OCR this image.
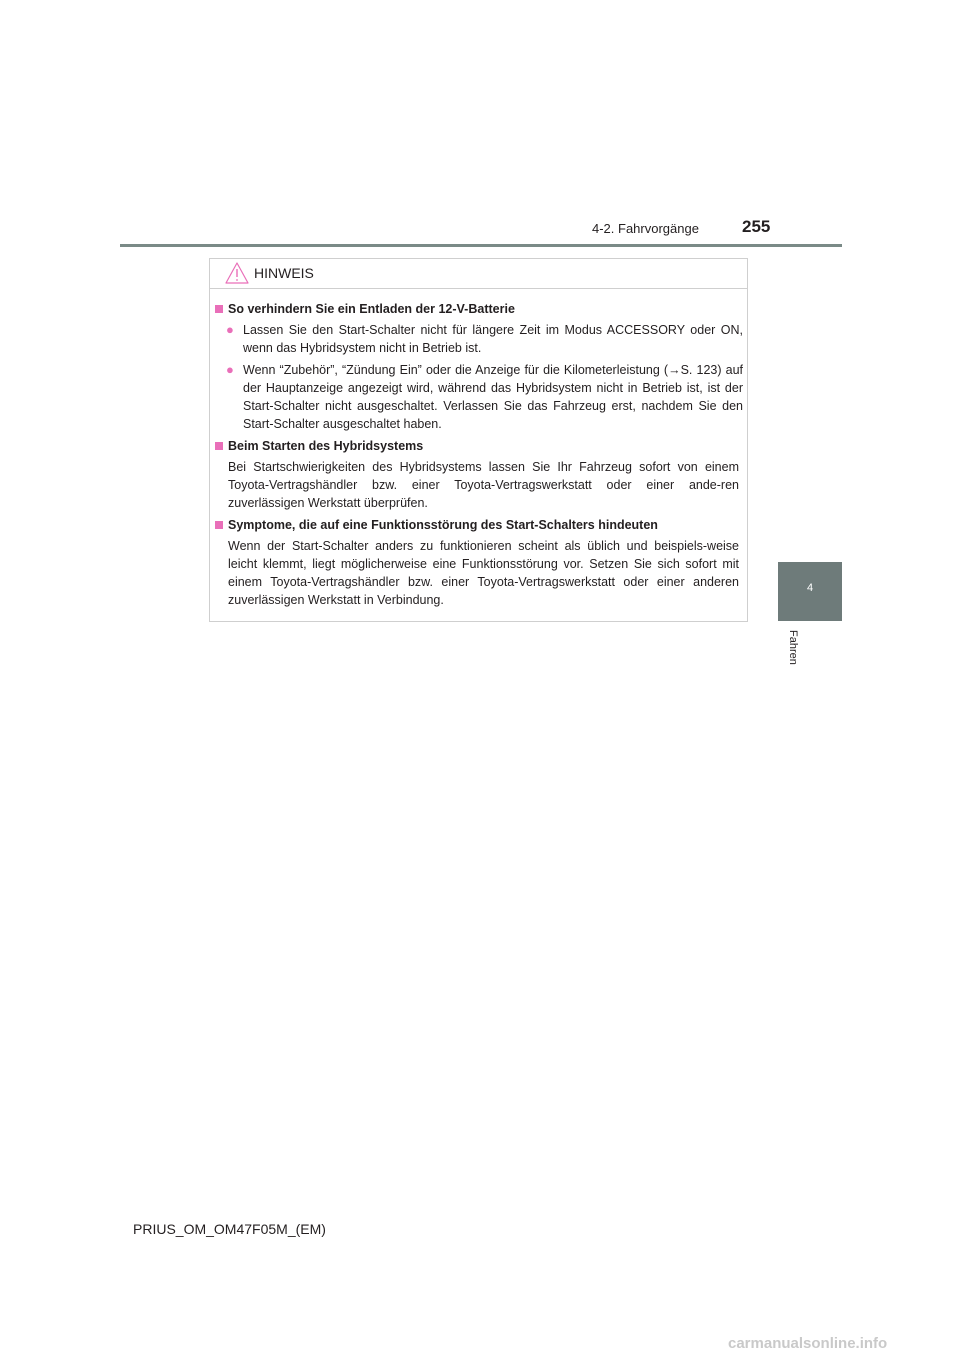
4-2. Fahrvorgänge	255
4
Fahren
HINWEIS
So verhindern Sie ein Entladen der 12-V-Batterie
● Lassen Sie den Start-Schalter nicht für längere Zeit im Modus ACCESSORY oder ON, wenn das Hybridsystem nicht in Betrieb ist.
● Wenn “Zubehör”, “Zündung Ein” oder die Anzeige für die Kilometerleistung (→S. 123) auf der Hauptanzeige angezeigt wird, während das Hybridsystem nicht in Betrieb ist, ist der Start-Schalter nicht ausgeschaltet. Verlassen Sie das Fahrzeug erst, nachdem Sie den Start-Schalter ausgeschaltet haben.
Beim Starten des Hybridsystems
Bei Startschwierigkeiten des Hybridsystems lassen Sie Ihr Fahrzeug sofort von einem Toyota-Vertragshändler bzw. einer Toyota-Vertragswerkstatt oder einer ande-ren zuverlässigen Werkstatt überprüfen.
Symptome, die auf eine Funktionsstörung des Start-Schalters hindeuten
Wenn der Start-Schalter anders zu funktionieren scheint als üblich und beispiels-weise leicht klemmt, liegt möglicherweise eine Funktionsstörung vor. Setzen Sie sich sofort mit einem Toyota-Vertragshändler bzw. einer Toyota-Vertragswerkstatt oder einer anderen zuverlässigen Werkstatt in Verbindung.
PRIUS_OM_OM47F05M_(EM)
carmanualsonline.info
